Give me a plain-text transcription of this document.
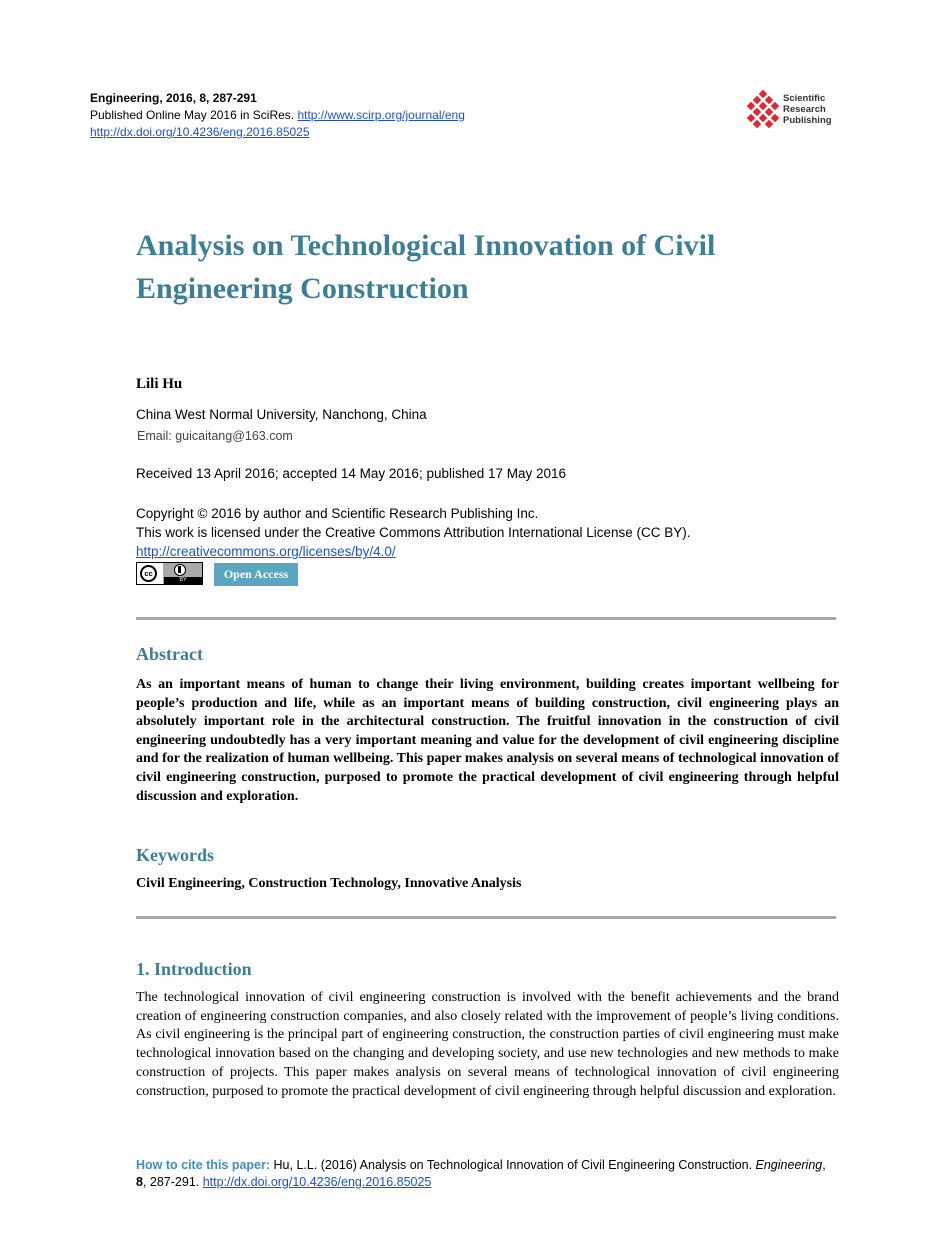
Engineering, 2016, 8, 287-291
Published Online May 2016 in SciRes. http://www.scirp.org/journal/eng
http://dx.doi.org/10.4236/eng.2016.85025
Scientific
Research
Publishing
Analysis on Technological Innovation of Civil Engineering Construction
Lili Hu
China West Normal University, Nanchong, China
Email: guicaitang@163.com
Received 13 April 2016; accepted 14 May 2016; published 17 May 2016
Copyright © 2016 by author and Scientific Research Publishing Inc.
This work is licensed under the Creative Commons Attribution International License (CC BY).
http://creativecommons.org/licenses/by/4.0/
cc
BY	Open Access
Abstract
As an important means of human to change their living environment, building creates important wellbeing for people’s production and life, while as an important means of building construction, civil engineering plays an absolutely important role in the architectural construction. The fruitful innovation in the construction of civil engineering undoubtedly has a very important meaning and value for the development of civil engineering discipline and for the realization of human wellbeing. This paper makes analysis on several means of technological innovation of civil engineering construction, purposed to promote the practical development of civil engineering through helpful discussion and exploration.
Keywords
Civil Engineering, Construction Technology, Innovative Analysis
1. Introduction
The technological innovation of civil engineering construction is involved with the benefit achievements and the brand creation of engineering construction companies, and also closely related with the improvement of people’s living conditions. As civil engineering is the principal part of engineering construction, the construction parties of civil engineering must make technological innovation based on the changing and developing society, and use new technologies and new methods to make construction of projects. This paper makes analysis on several means of technological innovation of civil engineering construction, purposed to promote the practical development of civil engineering through helpful discussion and exploration.
How to cite this paper: Hu, L.L. (2016) Analysis on Technological Innovation of Civil Engineering Construction. Engineering, 8, 287-291. http://dx.doi.org/10.4236/eng.2016.85025
